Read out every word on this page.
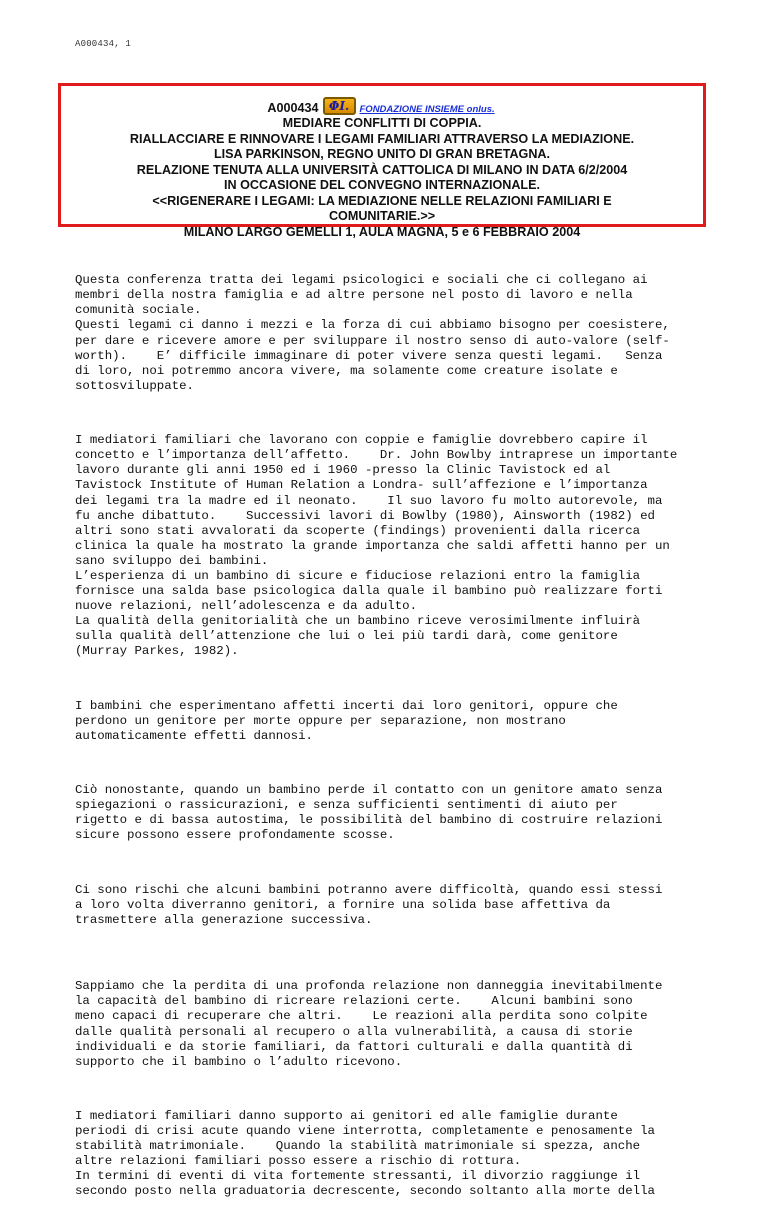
A000434, 1
A000434 ΦI.	FONDAZIONE INSIEME onlus.
MEDIARE CONFLITTI DI COPPIA.
RIALLACCIARE E RINNOVARE I LEGAMI FAMILIARI ATTRAVERSO LA MEDIAZIONE.
LISA PARKINSON, REGNO UNITO DI GRAN BRETAGNA.
RELAZIONE TENUTA ALLA UNIVERSITÀ CATTOLICA DI MILANO IN DATA 6/2/2004
IN OCCASIONE DEL CONVEGNO INTERNAZIONALE.
<<RIGENERARE I LEGAMI: LA MEDIAZIONE NELLE RELAZIONI FAMILIARI E
COMUNITARIE.>>
MILANO LARGO GEMELLI 1, AULA MAGNA, 5 e 6 FEBBRAIO 2004

Questa conferenza tratta dei legami psicologici e sociali che ci collegano ai
membri della nostra famiglia e ad altre persone nel posto di lavoro e nella
comunità sociale.
Questi legami ci danno i mezzi e la forza di cui abbiamo bisogno per coesistere,
per dare e ricevere amore e per sviluppare il nostro senso di auto-valore (self-
worth).    E’ difficile immaginare di poter vivere senza questi legami.   Senza
di loro, noi potremmo ancora vivere, ma solamente come creature isolate e
sottosviluppate.

I mediatori familiari che lavorano con coppie e famiglie dovrebbero capire il
concetto e l’importanza dell’affetto.    Dr. John Bowlby intraprese un importante
lavoro durante gli anni 1950 ed i 1960 -presso la Clinic Tavistock ed al
Tavistock Institute of Human Relation a Londra- sull’affezione e l’importanza
dei legami tra la madre ed il neonato.    Il suo lavoro fu molto autorevole, ma
fu anche dibattuto.    Successivi lavori di Bowlby (1980), Ainsworth (1982) ed
altri sono stati avvalorati da scoperte (findings) provenienti dalla ricerca
clinica la quale ha mostrato la grande importanza che saldi affetti hanno per un
sano sviluppo dei bambini.
L’esperienza di un bambino di sicure e fiduciose relazioni entro la famiglia
fornisce una salda base psicologica dalla quale il bambino può realizzare forti
nuove relazioni, nell’adolescenza e da adulto.
La qualità della genitorialità che un bambino riceve verosimilmente influirà
sulla qualità dell’attenzione che lui o lei più tardi darà, come genitore
(Murray Parkes, 1982).

I bambini che esperimentano affetti incerti dai loro genitori, oppure che
perdono un genitore per morte oppure per separazione, non mostrano
automaticamente effetti dannosi.

Ciò nonostante, quando un bambino perde il contatto con un genitore amato senza
spiegazioni o rassicurazioni, e senza sufficienti sentimenti di aiuto per
rigetto e di bassa autostima, le possibilità del bambino di costruire relazioni
sicure possono essere profondamente scosse.

Ci sono rischi che alcuni bambini potranno avere difficoltà, quando essi stessi
a loro volta diverranno genitori, a fornire una solida base affettiva da
trasmettere alla generazione successiva.

Sappiamo che la perdita di una profonda relazione non danneggia inevitabilmente
la capacità del bambino di ricreare relazioni certe.    Alcuni bambini sono
meno capaci di recuperare che altri.    Le reazioni alla perdita sono colpite
dalle qualità personali al recupero o alla vulnerabilità, a causa di storie
individuali e da storie familiari, da fattori culturali e dalla quantità di
supporto che il bambino o l’adulto ricevono.

I mediatori familiari danno supporto ai genitori ed alle famiglie durante
periodi di crisi acute quando viene interrotta, completamente e penosamente la
stabilità matrimoniale.    Quando la stabilità matrimoniale si spezza, anche
altre relazioni familiari posso essere a rischio di rottura.
In termini di eventi di vita fortemente stressanti, il divorzio raggiunge il
secondo posto nella graduatoria decrescente, secondo soltanto alla morte della
